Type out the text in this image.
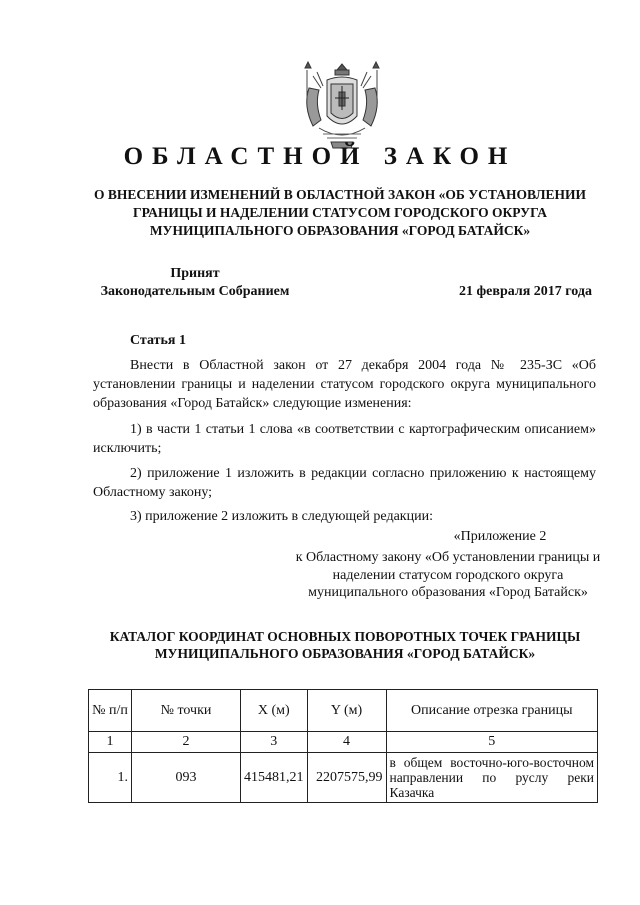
ОБЛАСТНОЙ ЗАКОН

О ВНЕСЕНИИ ИЗМЕНЕНИЙ В ОБЛАСТНОЙ ЗАКОН «ОБ УСТАНОВЛЕНИИ ГРАНИЦЫ И НАДЕЛЕНИИ СТАТУСОМ ГОРОДСКОГО ОКРУГА МУНИЦИПАЛЬНОГО ОБРАЗОВАНИЯ «ГОРОД БАТАЙСК»

Принят
Законодательным Собранием	21 февраля 2017 года
Статья 1

Внести в Областной закон от 27 декабря 2004 года № 235-ЗС «Об установлении границы и наделении статусом городского округа муниципального образования «Город Батайск» следующие изменения:

1) в части 1 статьи 1 слова «в соответствии с картографическим описанием» исключить;

2) приложение 1 изложить в редакции согласно приложению к настоящему Областному закону;

3) приложение 2 изложить в следующей редакции:

«Приложение 2
к Областному закону «Об установлении границы и наделении статусом городского округа муниципального образования «Город Батайск»
КАТАЛОГ КООРДИНАТ ОСНОВНЫХ ПОВОРОТНЫХ ТОЧЕК ГРАНИЦЫ МУНИЦИПАЛЬНОГО ОБРАЗОВАНИЯ «ГОРОД БАТАЙСК»
№ п/п	№ точки	X (м)	Y (м)	Описание отрезка границы
1	2	3	4	5
1.	093	415481,21	2207575,99	в общем восточно-юго-восточном направлении по руслу реки Казачка
